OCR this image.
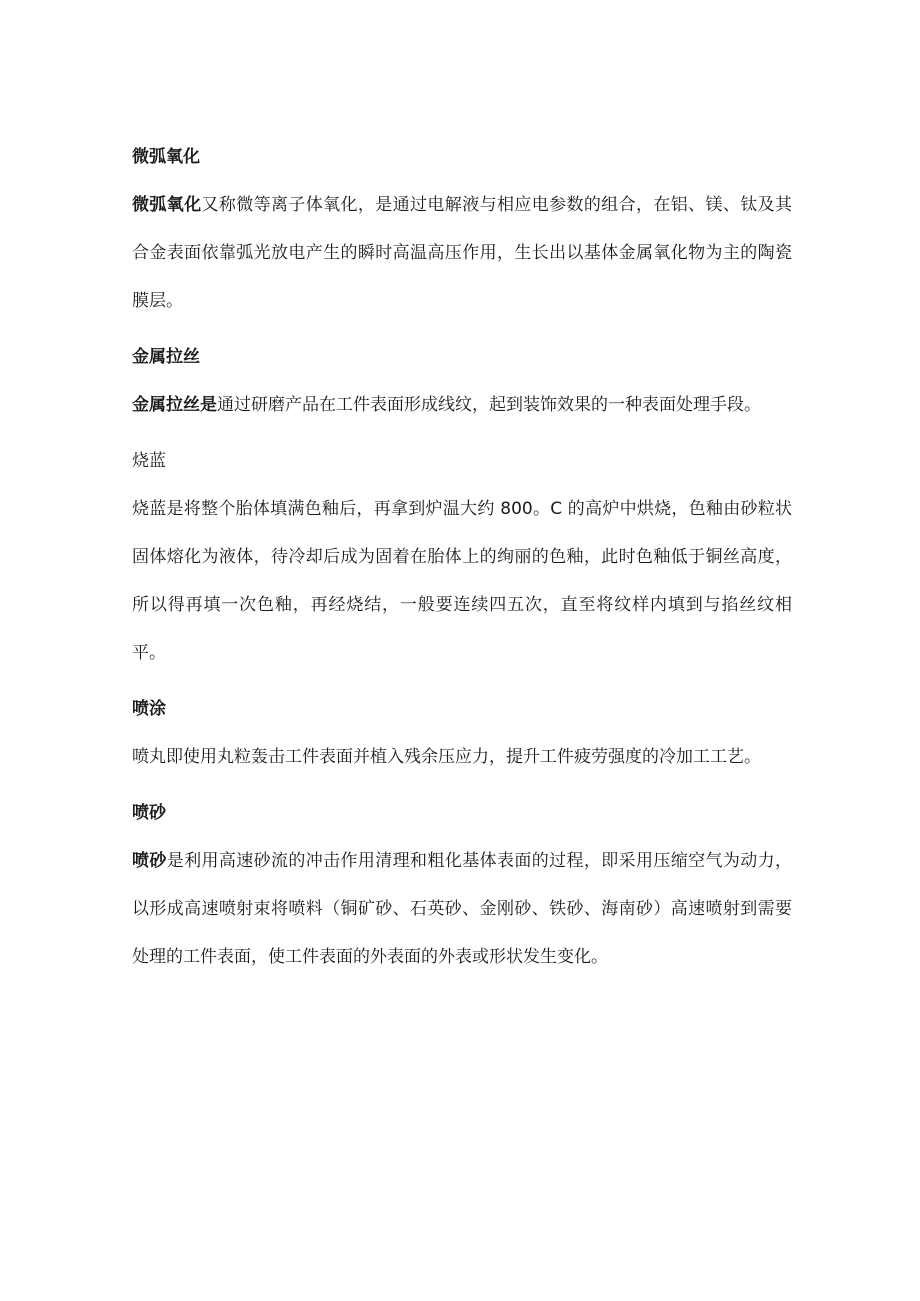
微弧氧化

微弧氧化又称微等离子体氧化，是通过电解液与相应电参数的组合，在铝、镁、钛及其合金表面依靠弧光放电产生的瞬时高温高压作用，生长出以基体金属氧化物为主的陶瓷膜层。

金属拉丝

金属拉丝是通过研磨产品在工件表面形成线纹，起到装饰效果的一种表面处理手段。

烧蓝

烧蓝是将整个胎体填满色釉后，再拿到炉温大约 800。C 的高炉中烘烧，色釉由砂粒状固体熔化为液体，待冷却后成为固着在胎体上的绚丽的色釉，此时色釉低于铜丝高度，所以得再填一次色釉，再经烧结，一般要连续四五次，直至将纹样内填到与掐丝纹相平。

喷涂

喷丸即使用丸粒轰击工件表面并植入残余压应力，提升工件疲劳强度的冷加工工艺。

喷砂

喷砂是利用高速砂流的冲击作用清理和粗化基体表面的过程，即采用压缩空气为动力，以形成高速喷射束将喷料（铜矿砂、石英砂、金刚砂、铁砂、海南砂）高速喷射到需要处理的工件表面，使工件表面的外表面的外表或形状发生变化。
